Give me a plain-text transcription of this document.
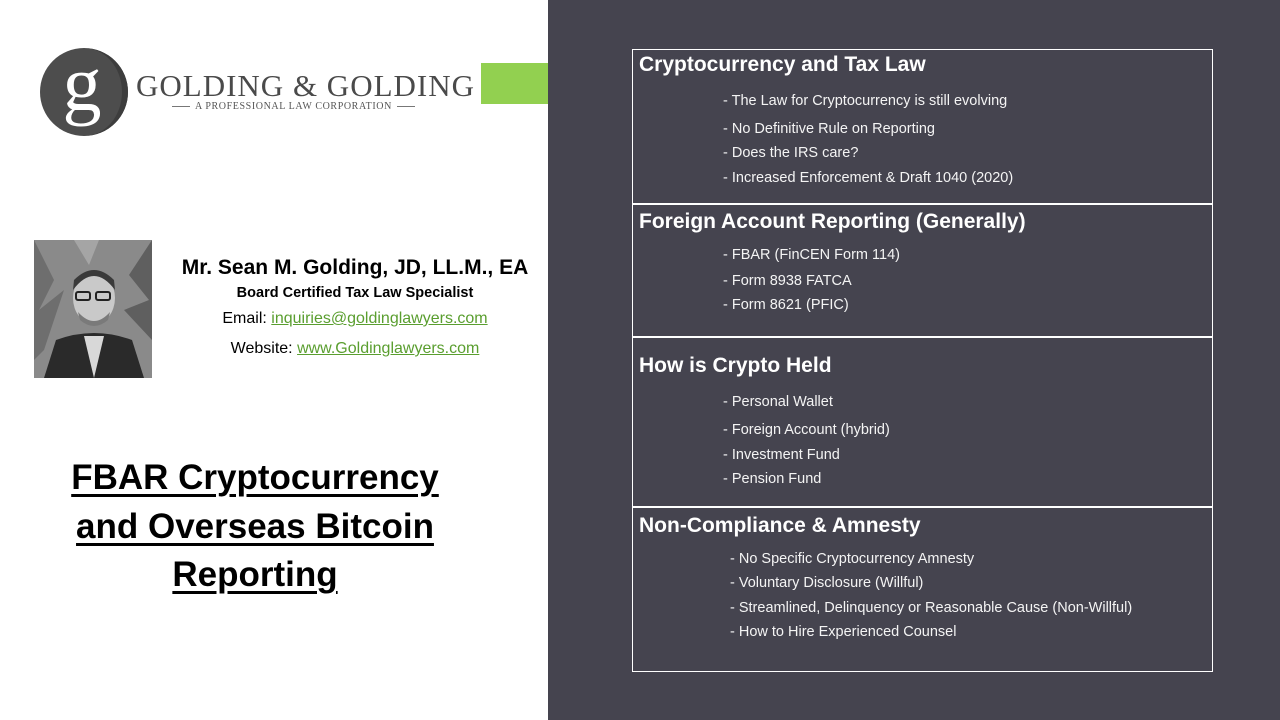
g GOLDING & GOLDING
A PROFESSIONAL LAW CORPORATION
Mr. Sean M. Golding, JD, LL.M., EA
Board Certified Tax Law Specialist
Email: inquiries@goldinglawyers.com
Website: www.Goldinglawyers.com
FBAR Cryptocurrency
and Overseas Bitcoin
Reporting
Cryptocurrency and Tax Law
- The Law for Cryptocurrency is still evolving
- No Definitive Rule on Reporting
- Does the IRS care?
- Increased Enforcement & Draft 1040 (2020)
Foreign Account Reporting (Generally)
- FBAR (FinCEN Form 114)
- Form 8938 FATCA
- Form 8621 (PFIC)
How is Crypto Held
- Personal Wallet
- Foreign Account (hybrid)
- Investment Fund
- Pension Fund
Non-Compliance & Amnesty
- No Specific Cryptocurrency Amnesty
- Voluntary Disclosure (Willful)
- Streamlined, Delinquency or Reasonable Cause (Non-Willful)
- How to Hire Experienced Counsel
